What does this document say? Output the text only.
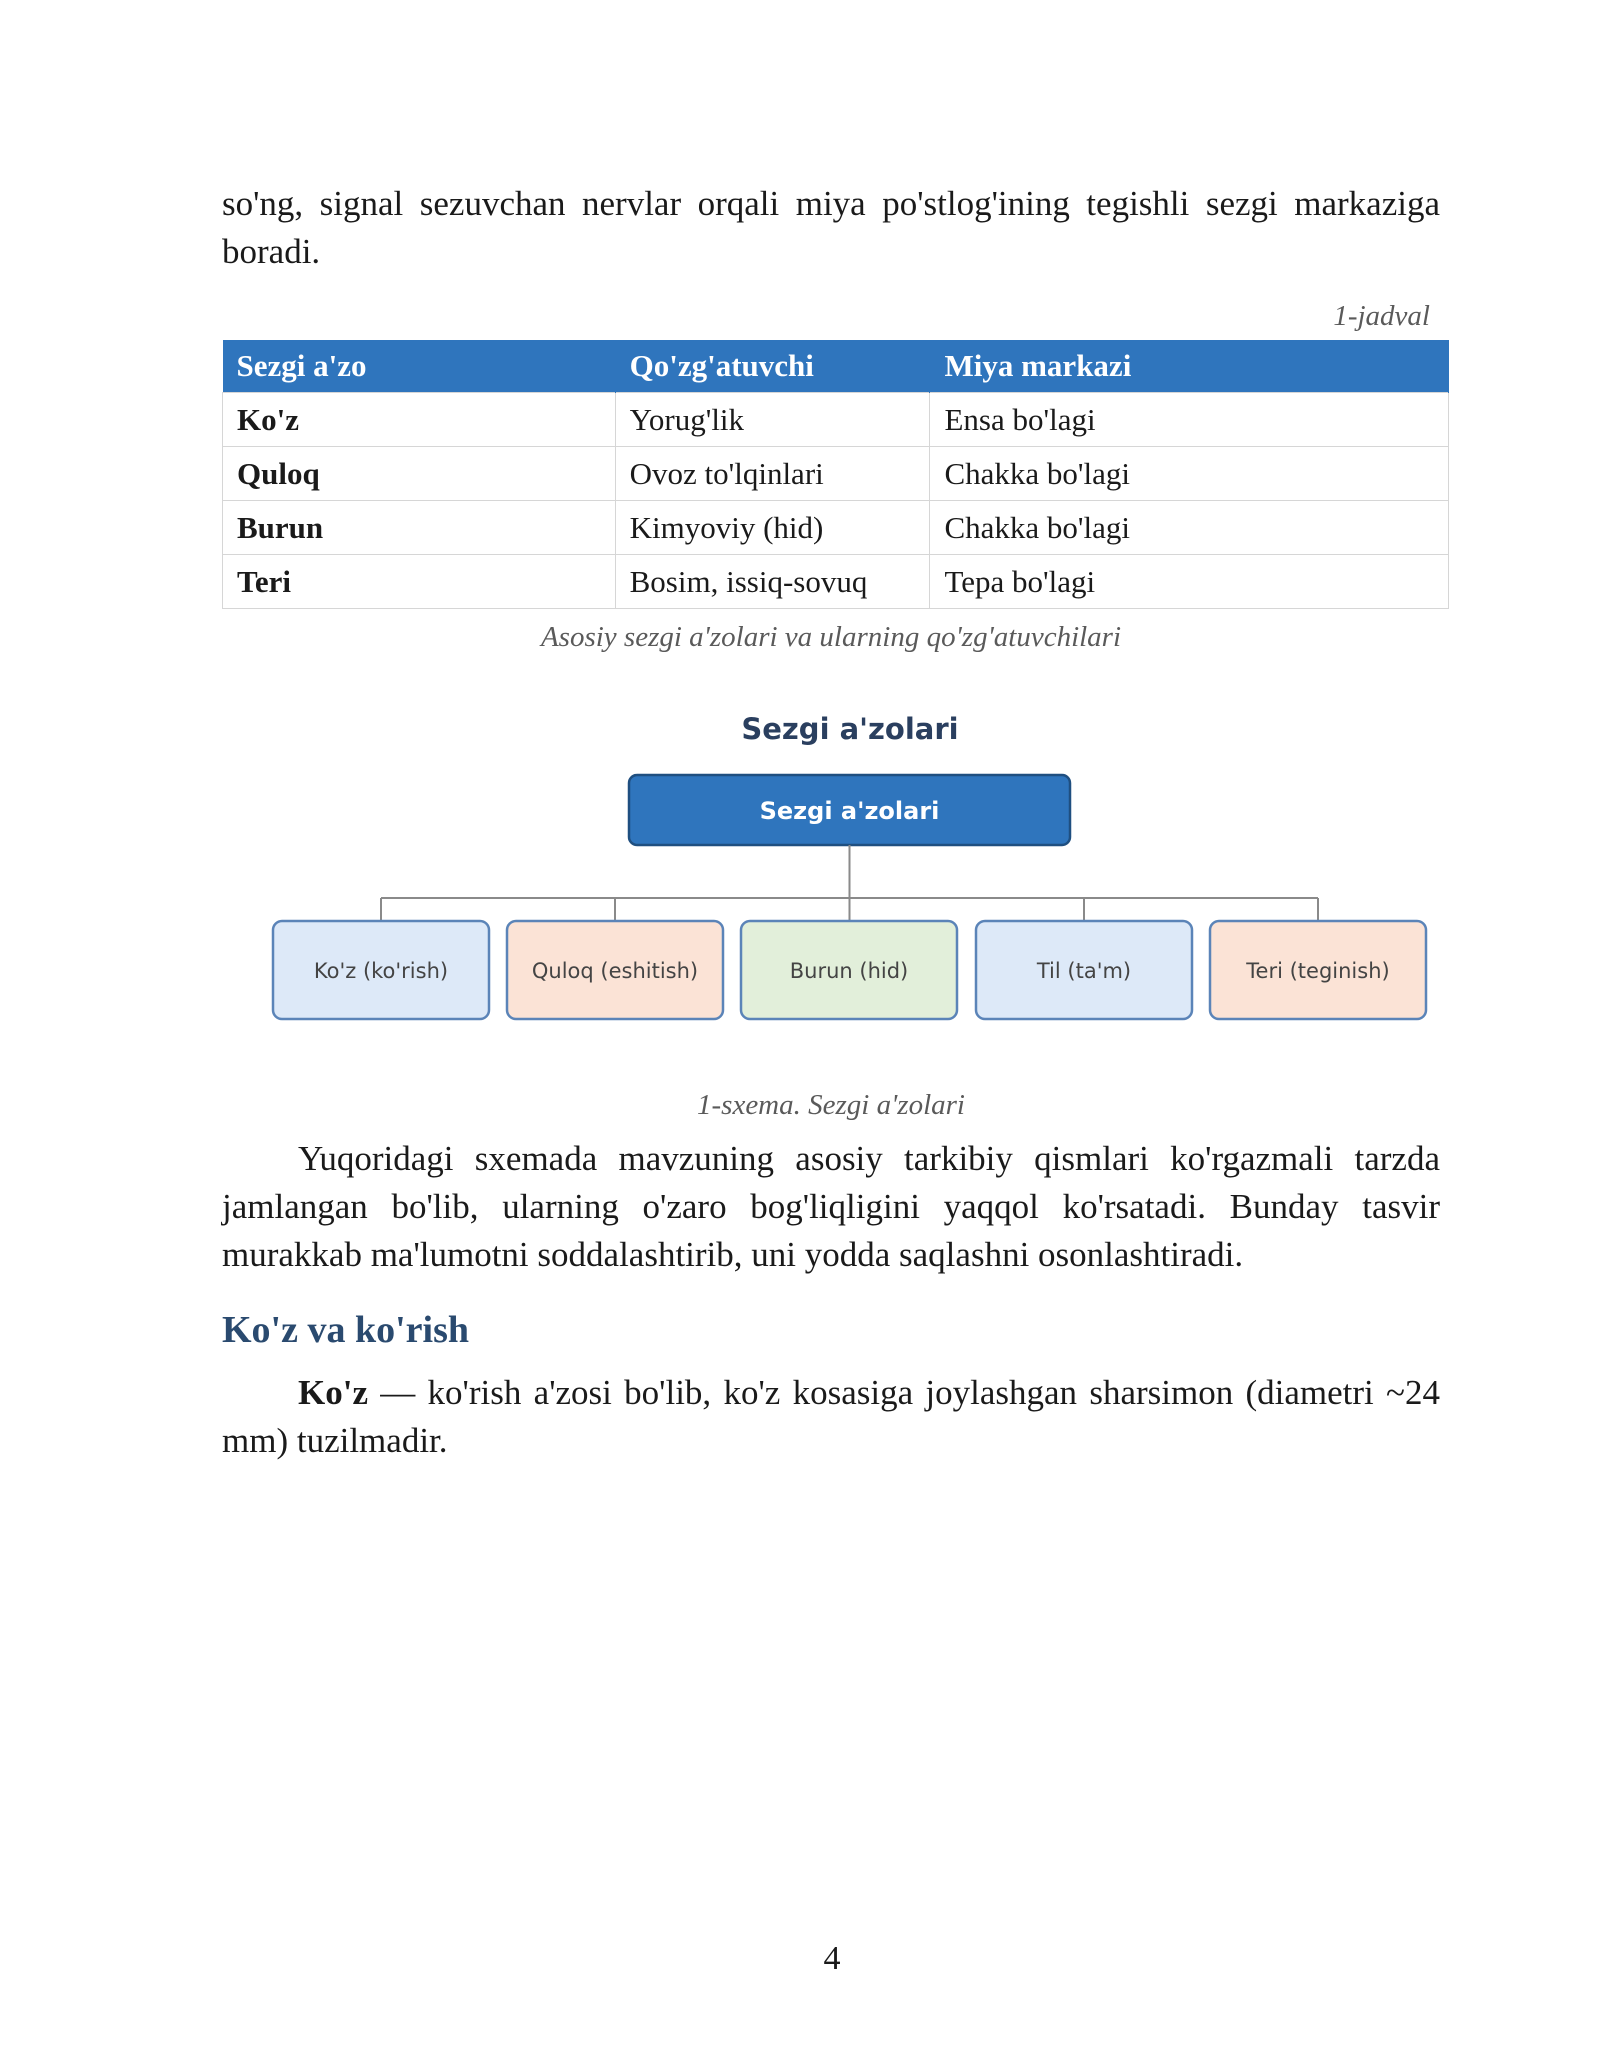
so'ng, signal sezuvchan nervlar orqali miya po'stlog'ining tegishli sezgi markaziga boradi.

1-jadval
Sezgi a'zo	Qo'zg'atuvchi	Miya markazi
Ko'z	Yorug'lik	Ensa bo'lagi
Quloq	Ovoz to'lqinlari	Chakka bo'lagi
Burun	Kimyoviy (hid)	Chakka bo'lagi
Teri	Bosim, issiq-sovuq	Tepa bo'lagi
Asosiy sezgi a'zolari va ularning qo'zg'atuvchilari
Sezgi a'zolari
Sezgi a'zolari
Ko'z (ko'rish)	Quloq (eshitish)	Burun (hid)	Til (ta'm)	Teri (teginish)
1-sxema. Sezgi a'zolari

Yuqoridagi sxemada mavzuning asosiy tarkibiy qismlari ko'rgazmali tarzda jamlangan bo'lib, ularning o'zaro bog'liqligini yaqqol ko'rsatadi. Bunday tasvir murakkab ma'lumotni soddalashtirib, uni yodda saqlashni osonlashtiradi.

Ko'z va ko'rish

Ko'z — ko'rish a'zosi bo'lib, ko'z kosasiga joylashgan sharsimon (diametri ~24 mm) tuzilmadir.

4
